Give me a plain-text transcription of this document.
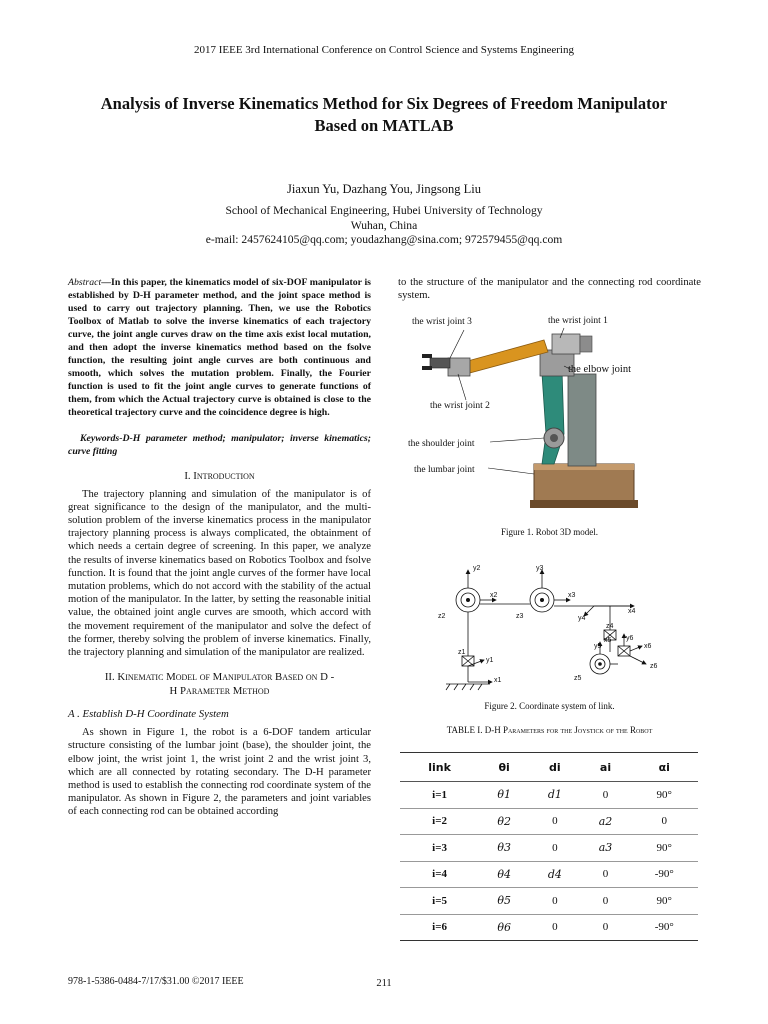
2017 IEEE 3rd International Conference on Control Science and Systems Engineering
Analysis of Inverse Kinematics Method for Six Degrees of Freedom Manipulator
Based on MATLAB
Jiaxun Yu, Dazhang You, Jingsong Liu
School of Mechanical Engineering, Hubei University of Technology
Wuhan, China
e-mail: 2457624105@qq.com; youdazhang@sina.com; 972579455@qq.com

Abstract—In this paper, the kinematics model of six-DOF manipulator is established by D-H parameter method, and the joint space method is used to carry out trajectory planning. Then, we use the Robotics Toolbox of Matlab to solve the inverse kinematics of each trajectory curve, the joint angle curves draw on the time axis exist local mutation, and then adopt the inverse kinematics method based on the fsolve function, the resulting joint angle curves are both continuous and smooth, which solves the mutation problem. Finally, the Fourier function is used to fit the joint angle curves to generate functions of them, from which the Actual trajectory curve is obtained is close to the theoretical trajectory curve and the coincidence degree is high.

Keywords-D-H parameter method; manipulator; inverse kinematics; curve fitting

I. Introduction

The trajectory planning and simulation of the manipulator is of great significance to the design of the manipulator, and the multi-solution problem of the inverse kinematics process in the manipulator trajectory planning process is always complicated, the obtainment of which needs a certain degree of screening. In this paper, we analyze the results of inverse kinematics based on Robotics Toolbox and fsolve function. It is found that the joint angle curves of the former have local mutation problems, which do not accord with the stability of the actual motion of the manipulator. In the latter, by setting the reasonable initial value, the obtained joint angle curves are smooth, which accord with the movement requirement of the manipulator and solve the defect of the former, thereby solving the problem of inverse kinematics. Finally, the trajectory planning and simulation of the manipulator are realized.

II. Kinematic Model of Manipulator Based on D -
H Parameter Method
A . Establish D-H Coordinate System

As shown in Figure 1, the robot is a 6-DOF tandem articular structure consisting of the lumbar joint (base), the shoulder joint, the elbow joint, the wrist joint 1, the wrist joint 2 and the wrist joint 3, which are all connected by rotating secondary. The D-H parameter method is used to establish the connecting rod coordinate system of the manipulator. As shown in Figure 2, the parameters and joint variables of each connecting rod can be obtained according

to the structure of the manipulator and the connecting rod coordinate system.

the wrist joint 3	the wrist joint 1
the elbow joint
the wrist joint 2
the shoulder joint
the lumbar joint
Figure 1. Robot 3D model.
y2
x2
z2
y3
x3
z3
x4
y4
z4
y5
x5
z5
y6
x6
z6
z1
y1
x1
Figure 2. Coordinate system of link.
TABLE I. D-H Parameters for the Joystick of the Robot
link	θi	di	ai	αi
i=1	θ1	d1	0	90°
i=2	θ2	0	a2	0
i=3	θ3	0	a3	90°
i=4	θ4	d4	0	-90°
i=5	θ5	0	0	90°
i=6	θ6	0	0	-90°
978-1-5386-0484-7/17/$31.00 ©2017 IEEE	211
